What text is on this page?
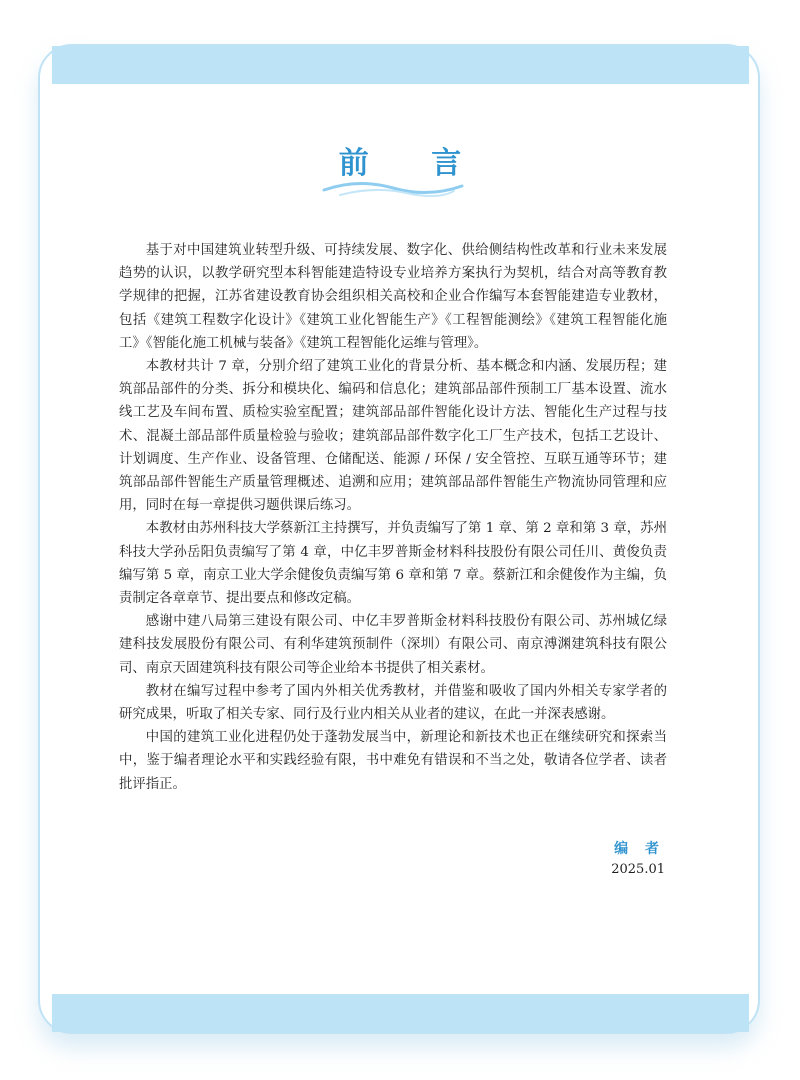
前 言

基于对中国建筑业转型升级、可持续发展、数字化、供给侧结构性改革和行业未来发展趋势的认识，以教学研究型本科智能建造特设专业培养方案执行为契机，结合对高等教育教学规律的把握，江苏省建设教育协会组织相关高校和企业合作编写本套智能建造专业教材，包括《建筑工程数字化设计》《建筑工业化智能生产》《工程智能测绘》《建筑工程智能化施工》《智能化施工机械与装备》《建筑工程智能化运维与管理》。

本教材共计 7 章，分别介绍了建筑工业化的背景分析、基本概念和内涵、发展历程；建筑部品部件的分类、拆分和模块化、编码和信息化；建筑部品部件预制工厂基本设置、流水线工艺及车间布置、质检实验室配置；建筑部品部件智能化设计方法、智能化生产过程与技术、混凝土部品部件质量检验与验收；建筑部品部件数字化工厂生产技术，包括工艺设计、计划调度、生产作业、设备管理、仓储配送、能源 / 环保 / 安全管控、互联互通等环节；建筑部品部件智能生产质量管理概述、追溯和应用；建筑部品部件智能生产物流协同管理和应用，同时在每一章提供习题供课后练习。

本教材由苏州科技大学蔡新江主持撰写，并负责编写了第 1 章、第 2 章和第 3 章，苏州科技大学孙岳阳负责编写了第 4 章，中亿丰罗普斯金材料科技股份有限公司任川、黄俊负责编写第 5 章，南京工业大学余健俊负责编写第 6 章和第 7 章。蔡新江和余健俊作为主编，负责制定各章章节、提出要点和修改定稿。

感谢中建八局第三建设有限公司、中亿丰罗普斯金材料科技股份有限公司、苏州城亿绿建科技发展股份有限公司、有利华建筑预制件（深圳）有限公司、南京溥渊建筑科技有限公司、南京天固建筑科技有限公司等企业给本书提供了相关素材。

教材在编写过程中参考了国内外相关优秀教材，并借鉴和吸收了国内外相关专家学者的研究成果，听取了相关专家、同行及行业内相关从业者的建议，在此一并深表感谢。

中国的建筑工业化进程仍处于蓬勃发展当中，新理论和新技术也正在继续研究和探索当中，鉴于编者理论水平和实践经验有限，书中难免有错误和不当之处，敬请各位学者、读者批评指正。

编 者
2025.01
